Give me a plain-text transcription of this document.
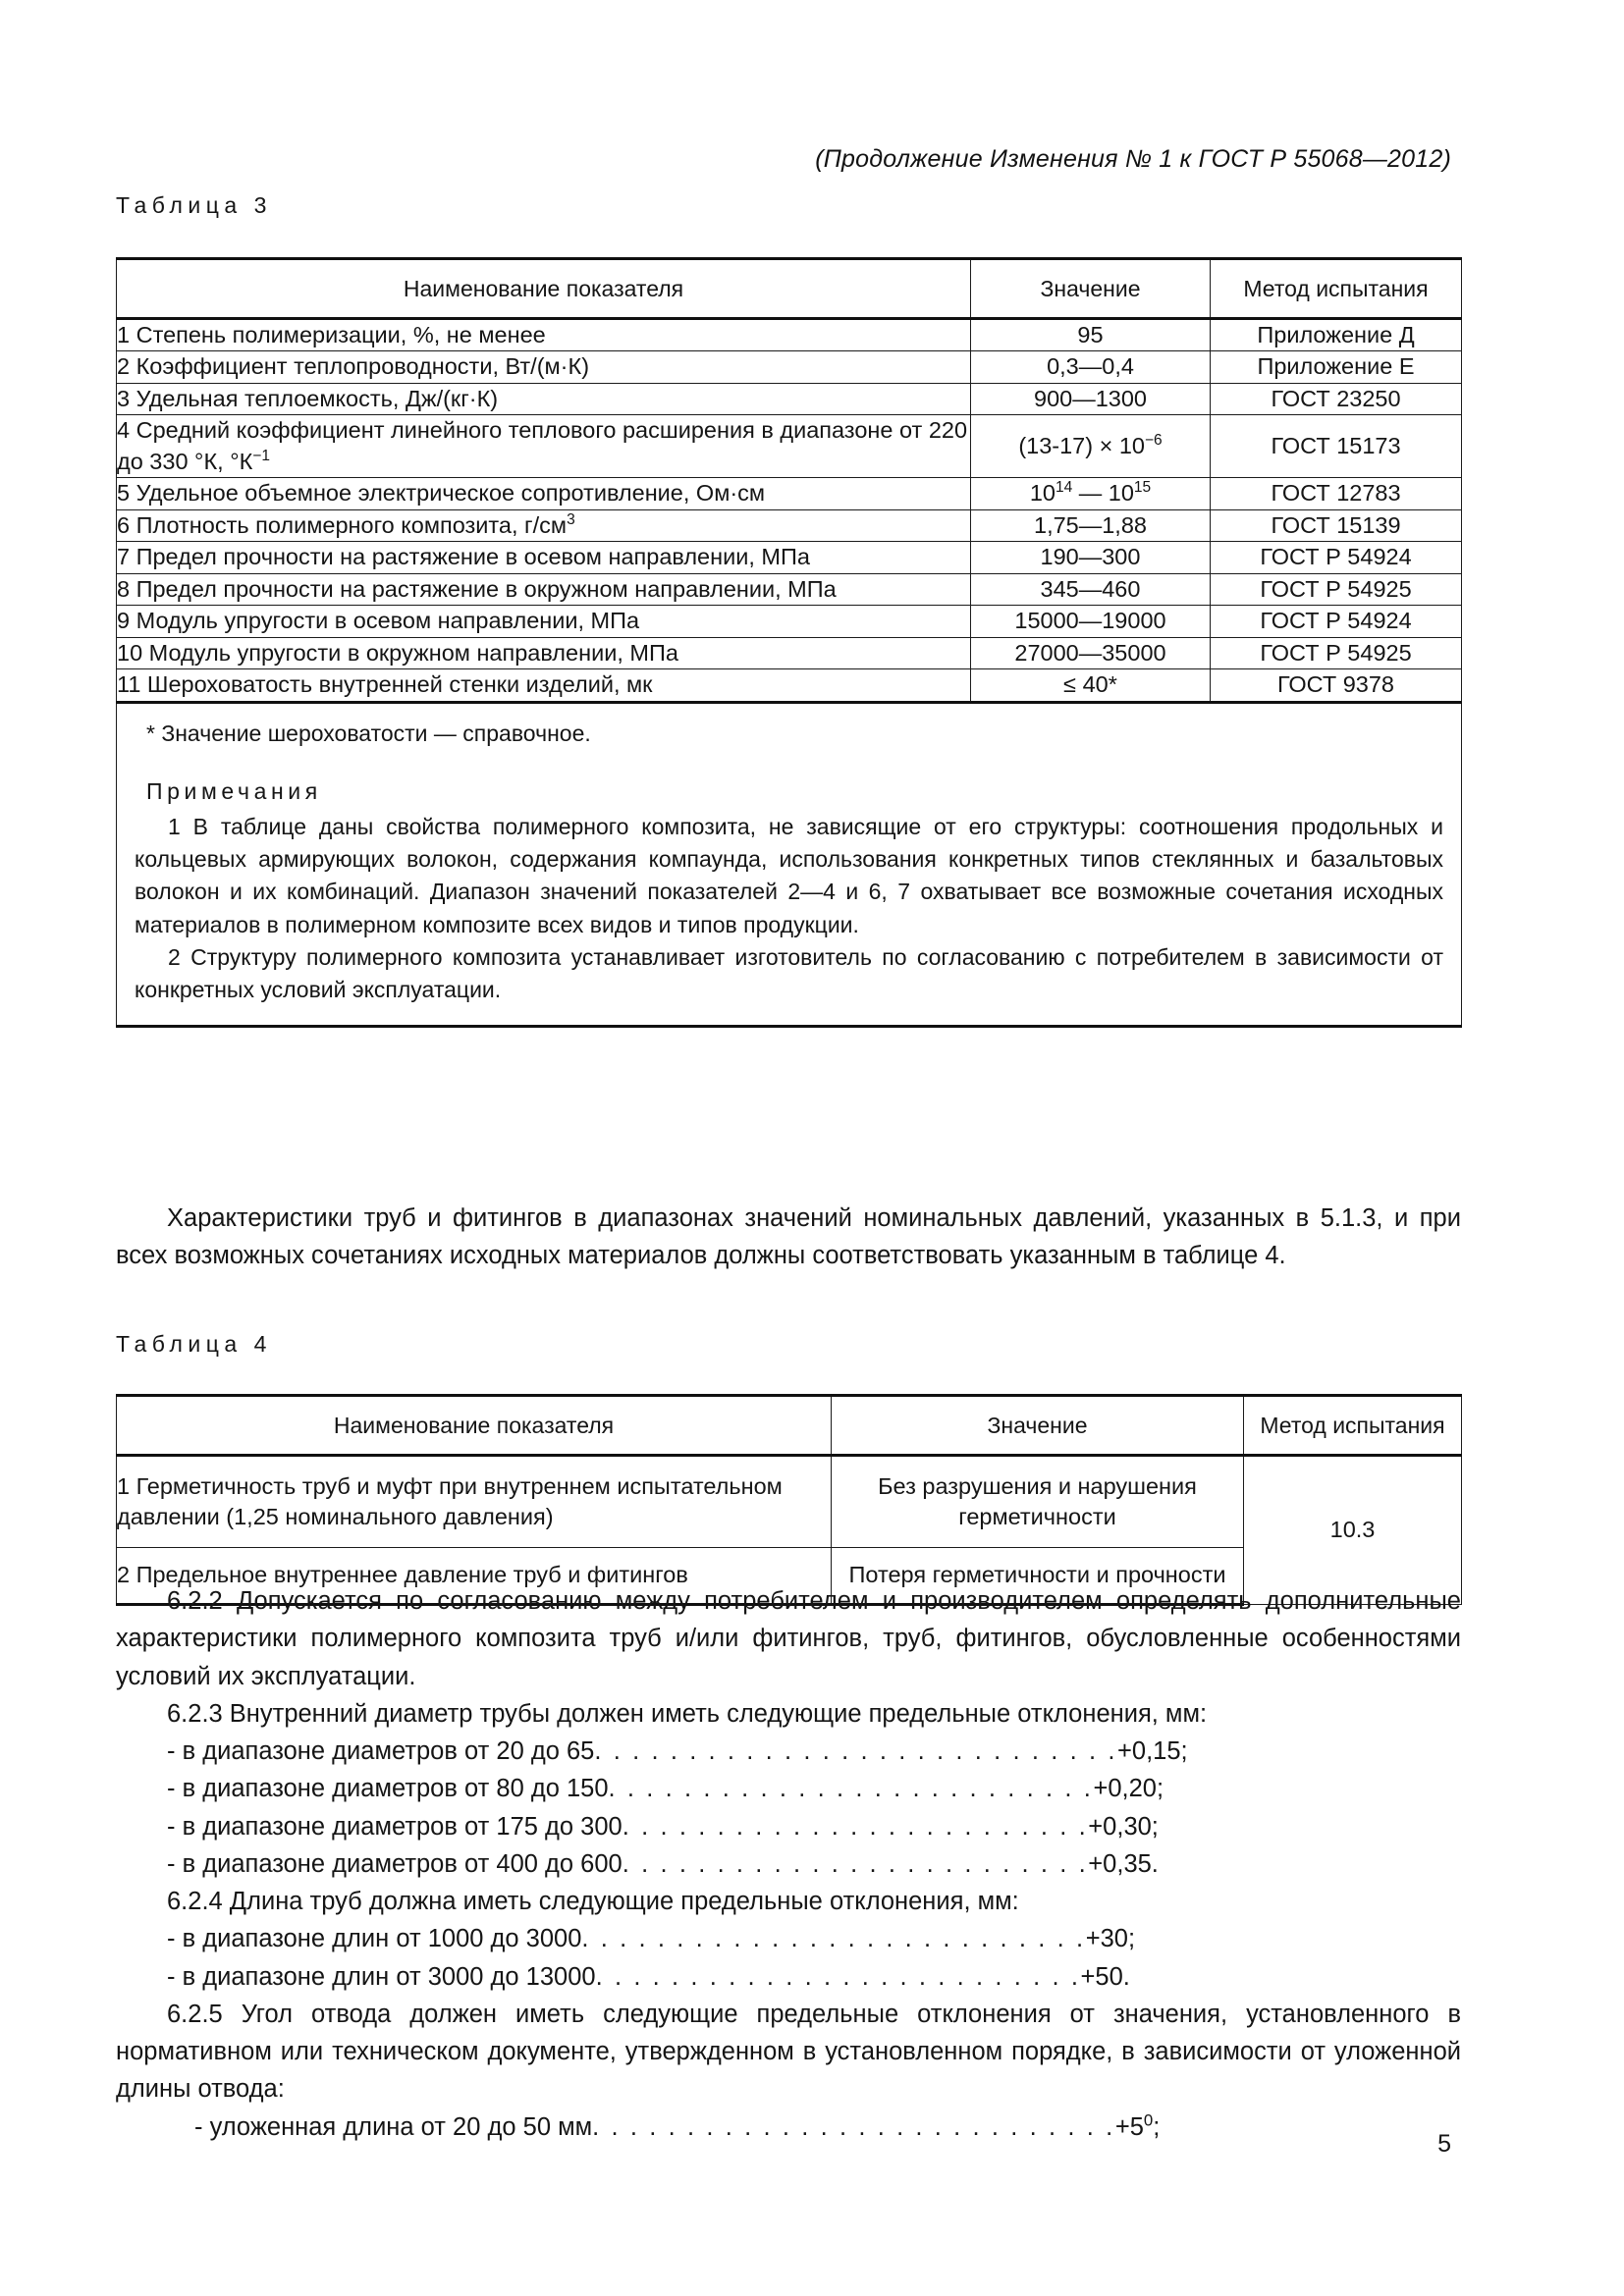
(Продолжение Изменения № 1 к ГОСТ Р 55068—2012)
Таблица 3
Наименование показателя	Значение	Метод испытания
1 Степень полимеризации, %, не менее	95	Приложение Д
2 Коэффициент теплопроводности, Вт/(м·К)	0,3—0,4	Приложение Е
3 Удельная теплоемкость, Дж/(кг·К)	900—1300	ГОСТ 23250
4 Средний коэффициент линейного теплового расширения в диапазоне от 220 до 330 °К, $^\circ К^{-1}$	$(13-17) \times 10^{-6}$	ГОСТ 15173
5 Удельное объемное электрическое сопротивление, Ом·см	$10^{14}$ — $10^{15}$	ГОСТ 12783
6 Плотность полимерного композита, $г/см^3$	1,75—1,88	ГОСТ 15139
7 Предел прочности на растяжение в осевом направлении, МПа	190—300	ГОСТ Р 54924
8 Предел прочности на растяжение в окружном направлении, МПа	345—460	ГОСТ Р 54925
9 Модуль упругости в осевом направлении, МПа	15000—19000	ГОСТ Р 54924
10 Модуль упругости в окружном направлении, МПа	27000—35000	ГОСТ Р 54925
11 Шероховатость внутренней стенки изделий, мк	≤ 40*	ГОСТ 9378

* Значение шероховатости — справочное.

Примечания

1 В таблице даны свойства полимерного композита, не зависящие от его структуры: соотношения продольных и кольцевых армирующих волокон, содержания компаунда, использования конкретных типов стеклянных и базальтовых волокон и их комбинаций. Диапазон значений показателей 2—4 и 6, 7 охватывает все возможные сочетания исходных материалов в полимерном композите всех видов и типов продукции.

2 Структуру полимерного композита устанавливает изготовитель по согласованию с потребителем в зависимости от конкретных условий эксплуатации.		

Характеристики труб и фитингов в диапазонах значений номинальных давлений, указанных в 5.1.3, и при всех возможных сочетаниях исходных материалов должны соответствовать указанным в таблице 4.

Таблица 4
Наименование показателя	Значение	Метод испытания
1 Герметичность труб и муфт при внутреннем испытательном давлении (1,25 номинального давления)	Без разрушения и нарушения герметичности	10.3
2 Предельное внутреннее давление труб и фитингов	Потеря герметичности и прочности	

6.2.2 Допускается по согласованию между потребителем и производителем определять дополнительные характеристики полимерного композита труб и/или фитингов, труб, фитингов, обусловленные особенностями условий их эксплуатации.

6.2.3 Внутренний диаметр трубы должен иметь следующие предельные отклонения, мм:

- в диапазоне диаметров от 20 до 65. . . . . . . . . . . . . . . . . . . . . . . . . . . .+0,15;

- в диапазоне диаметров от 80 до 150. . . . . . . . . . . . . . . . . . . . . . . . . .+0,20;

- в диапазоне диаметров от 175 до 300. . . . . . . . . . . . . . . . . . . . . . . . .+0,30;

- в диапазоне диаметров от 400 до 600. . . . . . . . . . . . . . . . . . . . . . . . .+0,35.

6.2.4 Длина труб должна иметь следующие предельные отклонения, мм:

- в диапазоне длин от 1000 до 3000. . . . . . . . . . . . . . . . . . . . . . . . . . .+30;

- в диапазоне длин от 3000 до 13000. . . . . . . . . . . . . . . . . . . . . . . . . .+50.

6.2.5 Угол отвода должен иметь следующие предельные отклонения от значения, установленного в нормативном или техническом документе, утвержденном в установленном порядке, в зависимости от уложенной длины отвода:

- уложенная длина от 20 до 50 мм. . . . . . . . . . . . . . . . . . . . . . . . . . . $.+5^0$;

5
